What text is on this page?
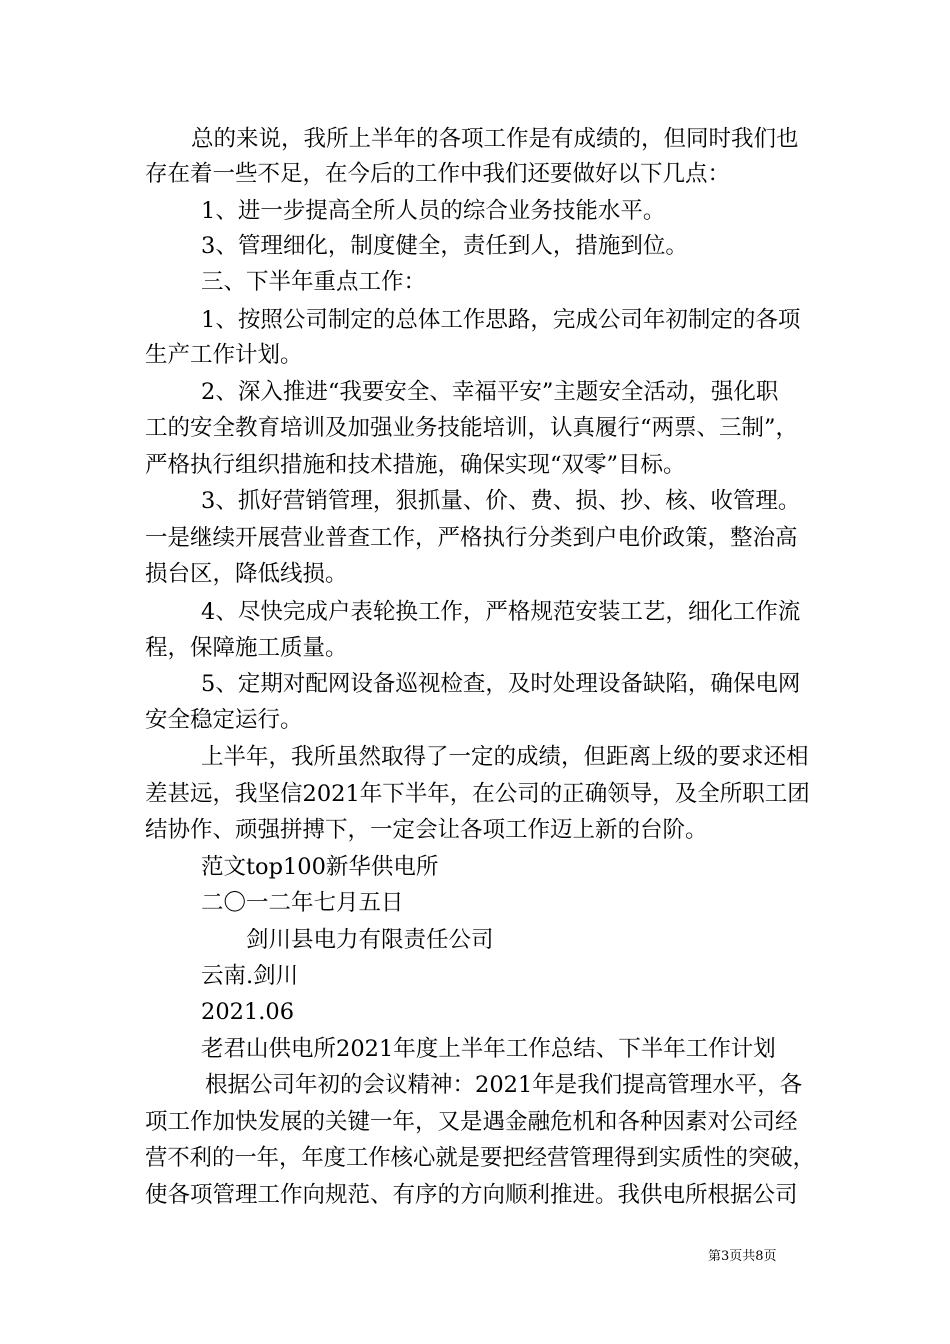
总的来说，我所上半年的各项工作是有成绩的，但同时我们也
存在着一些不足，在今后的工作中我们还要做好以下几点：
1、进一步提高全所人员的综合业务技能水平。
3、管理细化，制度健全，责任到人，措施到位。
三、下半年重点工作：
1、按照公司制定的总体工作思路，完成公司年初制定的各项
生产工作计划。
2、深入推进“我要安全、幸福平安”主题安全活动，强化职
工的安全教育培训及加强业务技能培训，认真履行“两票、三制”，
严格执行组织措施和技术措施，确保实现“双零”目标。
3、抓好营销管理，狠抓量、价、费、损、抄、核、收管理。
一是继续开展营业普查工作，严格执行分类到户电价政策，整治高
损台区，降低线损。
4、尽快完成户表轮换工作，严格规范安装工艺，细化工作流
程，保障施工质量。
5、定期对配网设备巡视检查，及时处理设备缺陷，确保电网
安全稳定运行。
上半年，我所虽然取得了一定的成绩，但距离上级的要求还相
差甚远，我坚信2021年下半年，在公司的正确领导，及全所职工团
结协作、顽强拼搏下，一定会让各项工作迈上新的台阶。
范文top100新华供电所
二〇一二年七月五日
剑川县电力有限责任公司
云南.剑川
2021.06
老君山供电所2021年度上半年工作总结、下半年工作计划
根据公司年初的会议精神：2021年是我们提高管理水平，各
项工作加快发展的关键一年，又是遇金融危机和各种因素对公司经
营不利的一年，年度工作核心就是要把经营管理得到实质性的突破，
使各项管理工作向规范、有序的方向顺利推进。我供电所根据公司
第3页共8页
